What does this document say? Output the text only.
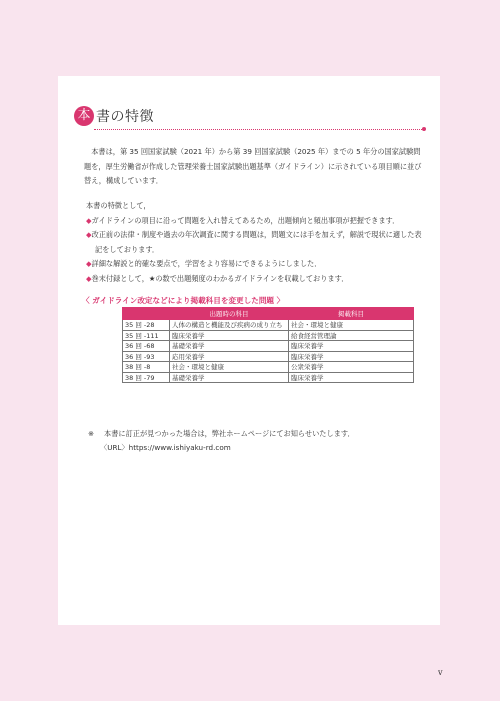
本 書の特徴

本書は，第 35 回国家試験（2021 年）から第 39 回国家試験（2025 年）までの 5 年分の国家試験問題を，厚生労働省が作成した管理栄養士国家試験出題基準（ガイドライン）に示されている項目順に並び替え，構成しています．

本書の特徴として，

◆ガイドラインの項目に沿って問題を入れ替えてあるため，出題傾向と頻出事項が把握できます．

◆改正前の法律・制度や過去の年次調査に関する問題は，問題文には手を加えず，解説で現状に適した表記をしております．

◆詳細な解説と的確な要点で，学習をより容易にできるようにしました．

◆巻末付録として，★の数で出題頻度のわかるガイドラインを収載しております．

〈 ガイドライン改定などにより掲載科目を変更した問題 〉
	出題時の科目	掲載科目
35 回 -28	人体の構造と機能及び疾病の成り立ち	社会・環境と健康
35 回 -111	臨床栄養学	給食経営管理論
36 回 -68	基礎栄養学	臨床栄養学
36 回 -93	応用栄養学	臨床栄養学
38 回 -8	社会・環境と健康	公衆栄養学
38 回 -79	基礎栄養学	臨床栄養学
※ 本書に訂正が見つかった場合は，弊社ホームページにてお知らせいたします．
〈URL〉https://www.ishiyaku-rd.com
v
